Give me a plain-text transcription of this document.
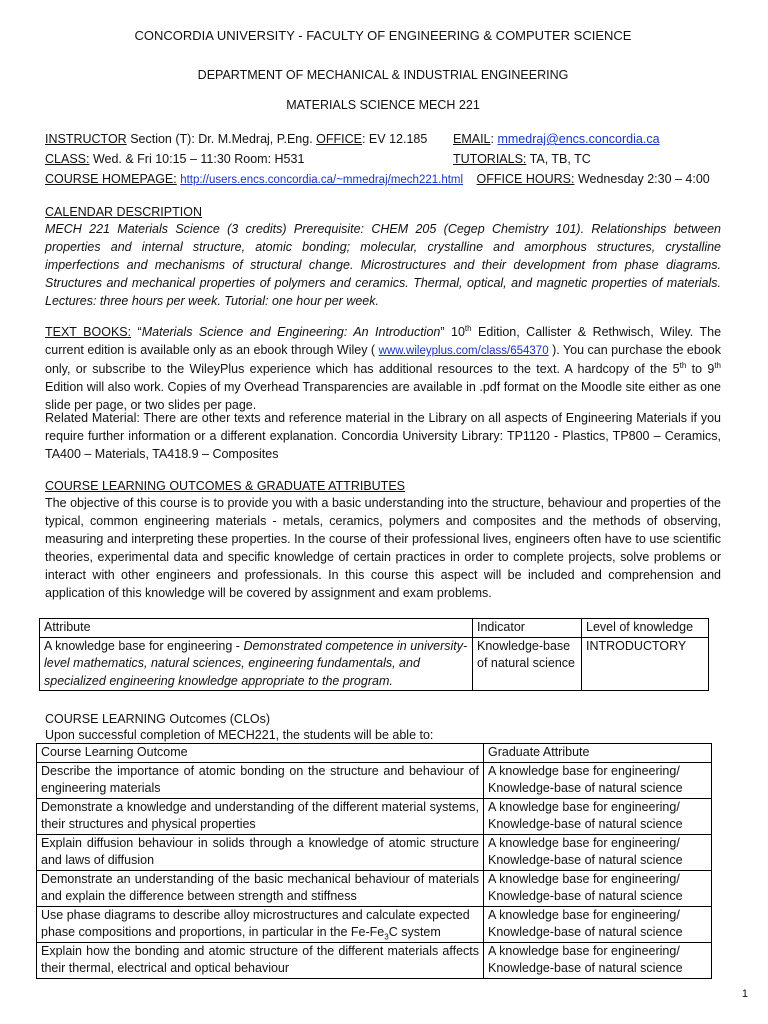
CONCORDIA UNIVERSITY - FACULTY OF ENGINEERING & COMPUTER SCIENCE
DEPARTMENT OF MECHANICAL & INDUSTRIAL ENGINEERING
MATERIALS SCIENCE MECH 221
INSTRUCTOR Section (T): Dr. M.Medraj, P.Eng. OFFICE: EV 12.185 EMAIL: mmedraj@encs.concordia.ca
CLASS: Wed. & Fri 10:15 – 11:30 Room: H531	TUTORIALS: TA, TB, TC
COURSE HOMEPAGE: http://users.encs.concordia.ca/~mmedraj/mech221.html OFFICE HOURS: Wednesday 2:30 – 4:00
CALENDAR DESCRIPTION
MECH 221 Materials Science (3 credits) Prerequisite: CHEM 205 (Cegep Chemistry 101). Relationships between properties and internal structure, atomic bonding; molecular, crystalline and amorphous structures, crystalline imperfections and mechanisms of structural change. Microstructures and their development from phase diagrams. Structures and mechanical properties of polymers and ceramics. Thermal, optical, and magnetic properties of materials. Lectures: three hours per week. Tutorial: one hour per week.
TEXT BOOKS: “Materials Science and Engineering: An Introduction” 10th Edition, Callister & Rethwisch, Wiley. The current edition is available only as an ebook through Wiley ( www.wileyplus.com/class/654370 ). You can purchase the ebook only, or subscribe to the WileyPlus experience which has additional resources to the text. A hardcopy of the 5th to 9th Edition will also work. Copies of my Overhead Transparencies are available in .pdf format on the Moodle site either as one slide per page, or two slides per page.
Related Material: There are other texts and reference material in the Library on all aspects of Engineering Materials if you require further information or a different explanation. Concordia University Library: TP1120 - Plastics, TP800 – Ceramics, TA400 – Materials, TA418.9 – Composites
COURSE LEARNING OUTCOMES & GRADUATE ATTRIBUTES
The objective of this course is to provide you with a basic understanding into the structure, behaviour and properties of the typical, common engineering materials - metals, ceramics, polymers and composites and the methods of observing, measuring and interpreting these properties. In the course of their professional lives, engineers often have to use scientific theories, experimental data and specific knowledge of certain practices in order to complete projects, solve problems or interact with other engineers and professionals. In this course this aspect will be included and comprehension and application of this knowledge will be covered by assignment and exam problems.
Attribute	Indicator	Level of knowledge
A knowledge base for engineering - Demonstrated competence in university-level mathematics, natural sciences, engineering fundamentals, and specialized engineering knowledge appropriate to the program.	Knowledge-base of natural science	INTRODUCTORY
COURSE LEARNING Outcomes (CLOs)
Upon successful completion of MECH221, the students will be able to:
Course Learning Outcome	Graduate Attribute
Describe the importance of atomic bonding on the structure and behaviour of engineering materials	A knowledge base for engineering/ Knowledge-base of natural science
Demonstrate a knowledge and understanding of the different material systems, their structures and physical properties	A knowledge base for engineering/ Knowledge-base of natural science
Explain diffusion behaviour in solids through a knowledge of atomic structure and laws of diffusion	A knowledge base for engineering/ Knowledge-base of natural science
Demonstrate an understanding of the basic mechanical behaviour of materials and explain the difference between strength and stiffness	A knowledge base for engineering/ Knowledge-base of natural science
Use phase diagrams to describe alloy microstructures and calculate expected phase compositions and proportions, in particular in the $Fe-Fe_3C$ system	A knowledge base for engineering/ Knowledge-base of natural science
Explain how the bonding and atomic structure of the different materials affects their thermal, electrical and optical behaviour	A knowledge base for engineering/ Knowledge-base of natural science
1
